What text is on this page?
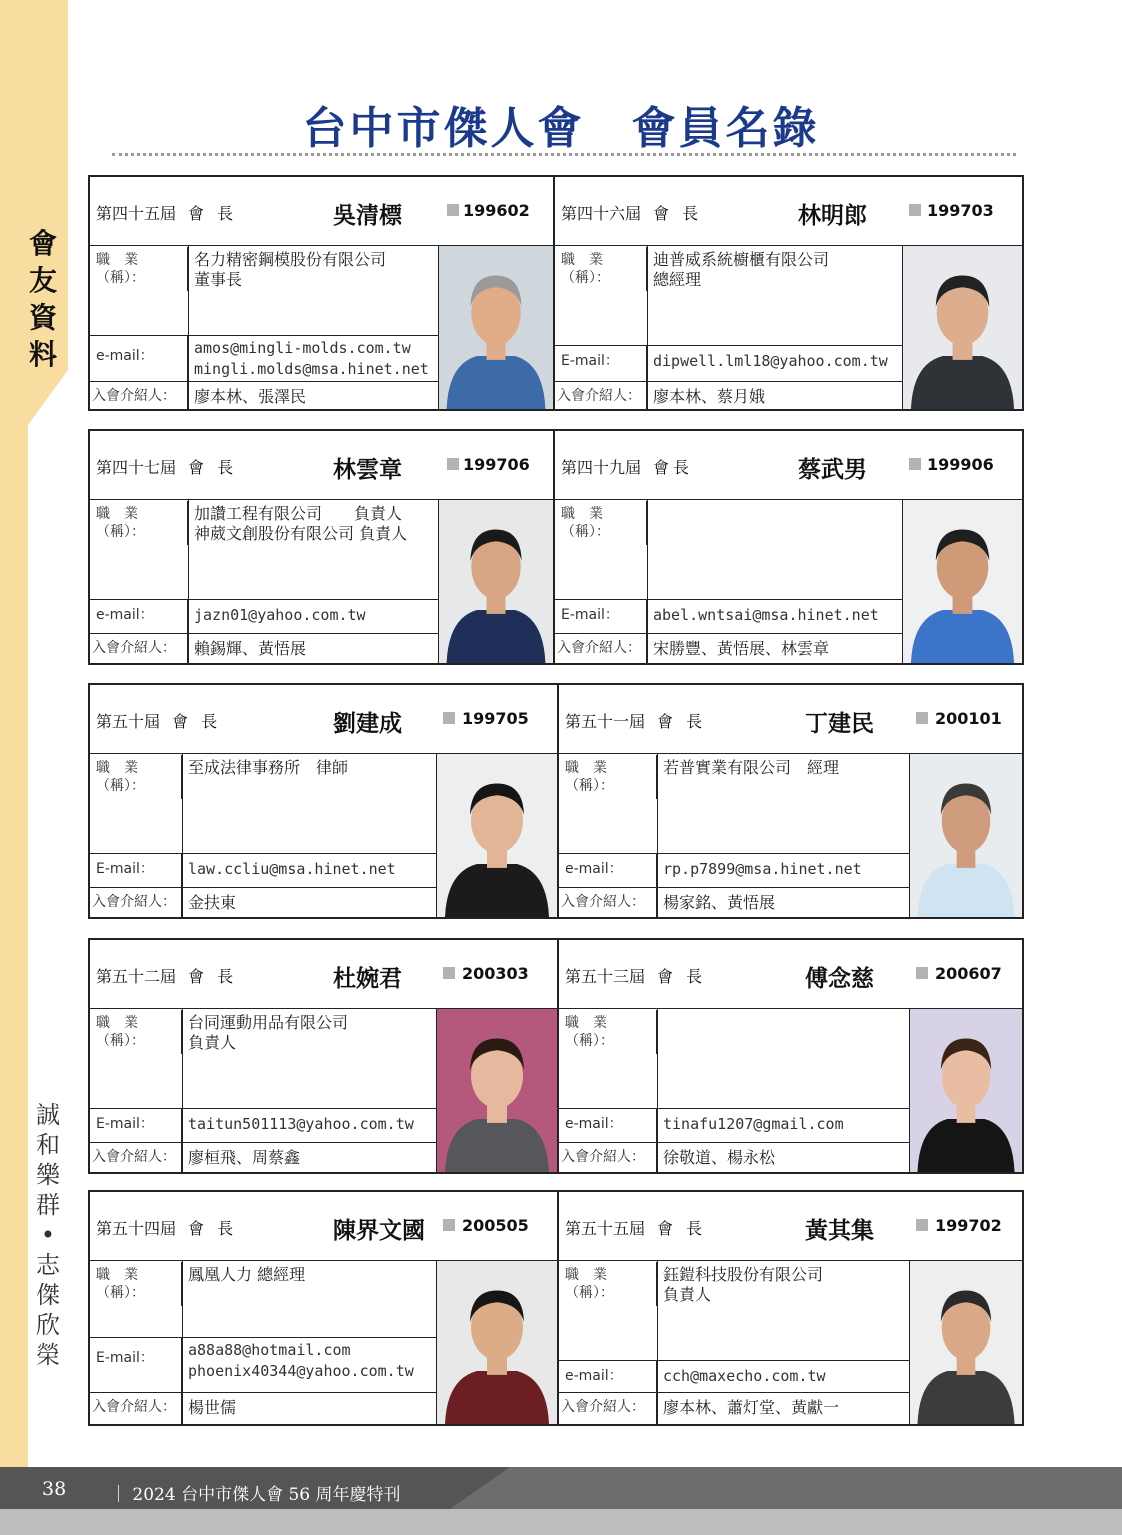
會友資料
誠和樂群•志傑欣榮
台中市傑人會　會員名錄
第四十五屆 會 長	吳清標	199602
職　業
（稱）：
名力精密鋼模股份有限公司
董事長
e-mail：	amos@mingli-molds.com.tw
mingli.molds@msa.hinet.net
入會介紹人：	廖本林、張澤民
第四十六屆 會 長	林明郎	199703
職　業
（稱）：
迪普威系統櫥櫃有限公司
總經理
E-mail：	dipwell.lml18@yahoo.com.tw
入會介紹人： 廖本林、蔡月娥
第四十七屆 會 長	林雲章	199706
職　業
（稱）：
加讚工程有限公司　　負責人
神葳文創股份有限公司 負責人
e-mail：	jazn01@yahoo.com.tw
入會介紹人：	賴錫輝、黃悟展
第四十九屆 會長	蔡武男	199906
職　業
（稱）：
E-mail：	abel.wntsai@msa.hinet.net
入會介紹人： 宋勝豐、黃悟展、林雲章
第五十屆 會 長	劉建成	199705
職　業
（稱）：
至成法律事務所　律師
E-mail：	law.ccliu@msa.hinet.net
入會介紹人： 金扶東
第五十一屆 會 長	丁建民	200101
職　業
（稱）：
若普實業有限公司　經理
e-mail：	rp.p7899@msa.hinet.net
入會介紹人：	楊家銘、黃悟展
第五十二屆 會 長	杜婉君	200303
職　業
（稱）：
台同運動用品有限公司
負責人
E-mail：	taitun501113@yahoo.com.tw
入會介紹人： 廖桓飛、周蔡鑫
第五十三屆 會 長	傅念慈	200607
職　業
（稱）：
e-mail：	tinafu1207@gmail.com
入會介紹人：	徐敬道、楊永松
第五十四屆 會 長	陳界文國 200505
職　業
（稱）：
鳳凰人力 總經理
E-mail：	a88a88@hotmail.com
phoenix40344@yahoo.com.tw
入會介紹人： 楊世儒
第五十五屆 會 長	黃其集	199702
職　業
（稱）：
鈺鎧科技股份有限公司
負責人
e-mail：	cch@maxecho.com.tw
入會介紹人：	廖本林、蕭灯堂、黃獻一
38	｜ 2024 台中市傑人會 56 周年慶特刊
